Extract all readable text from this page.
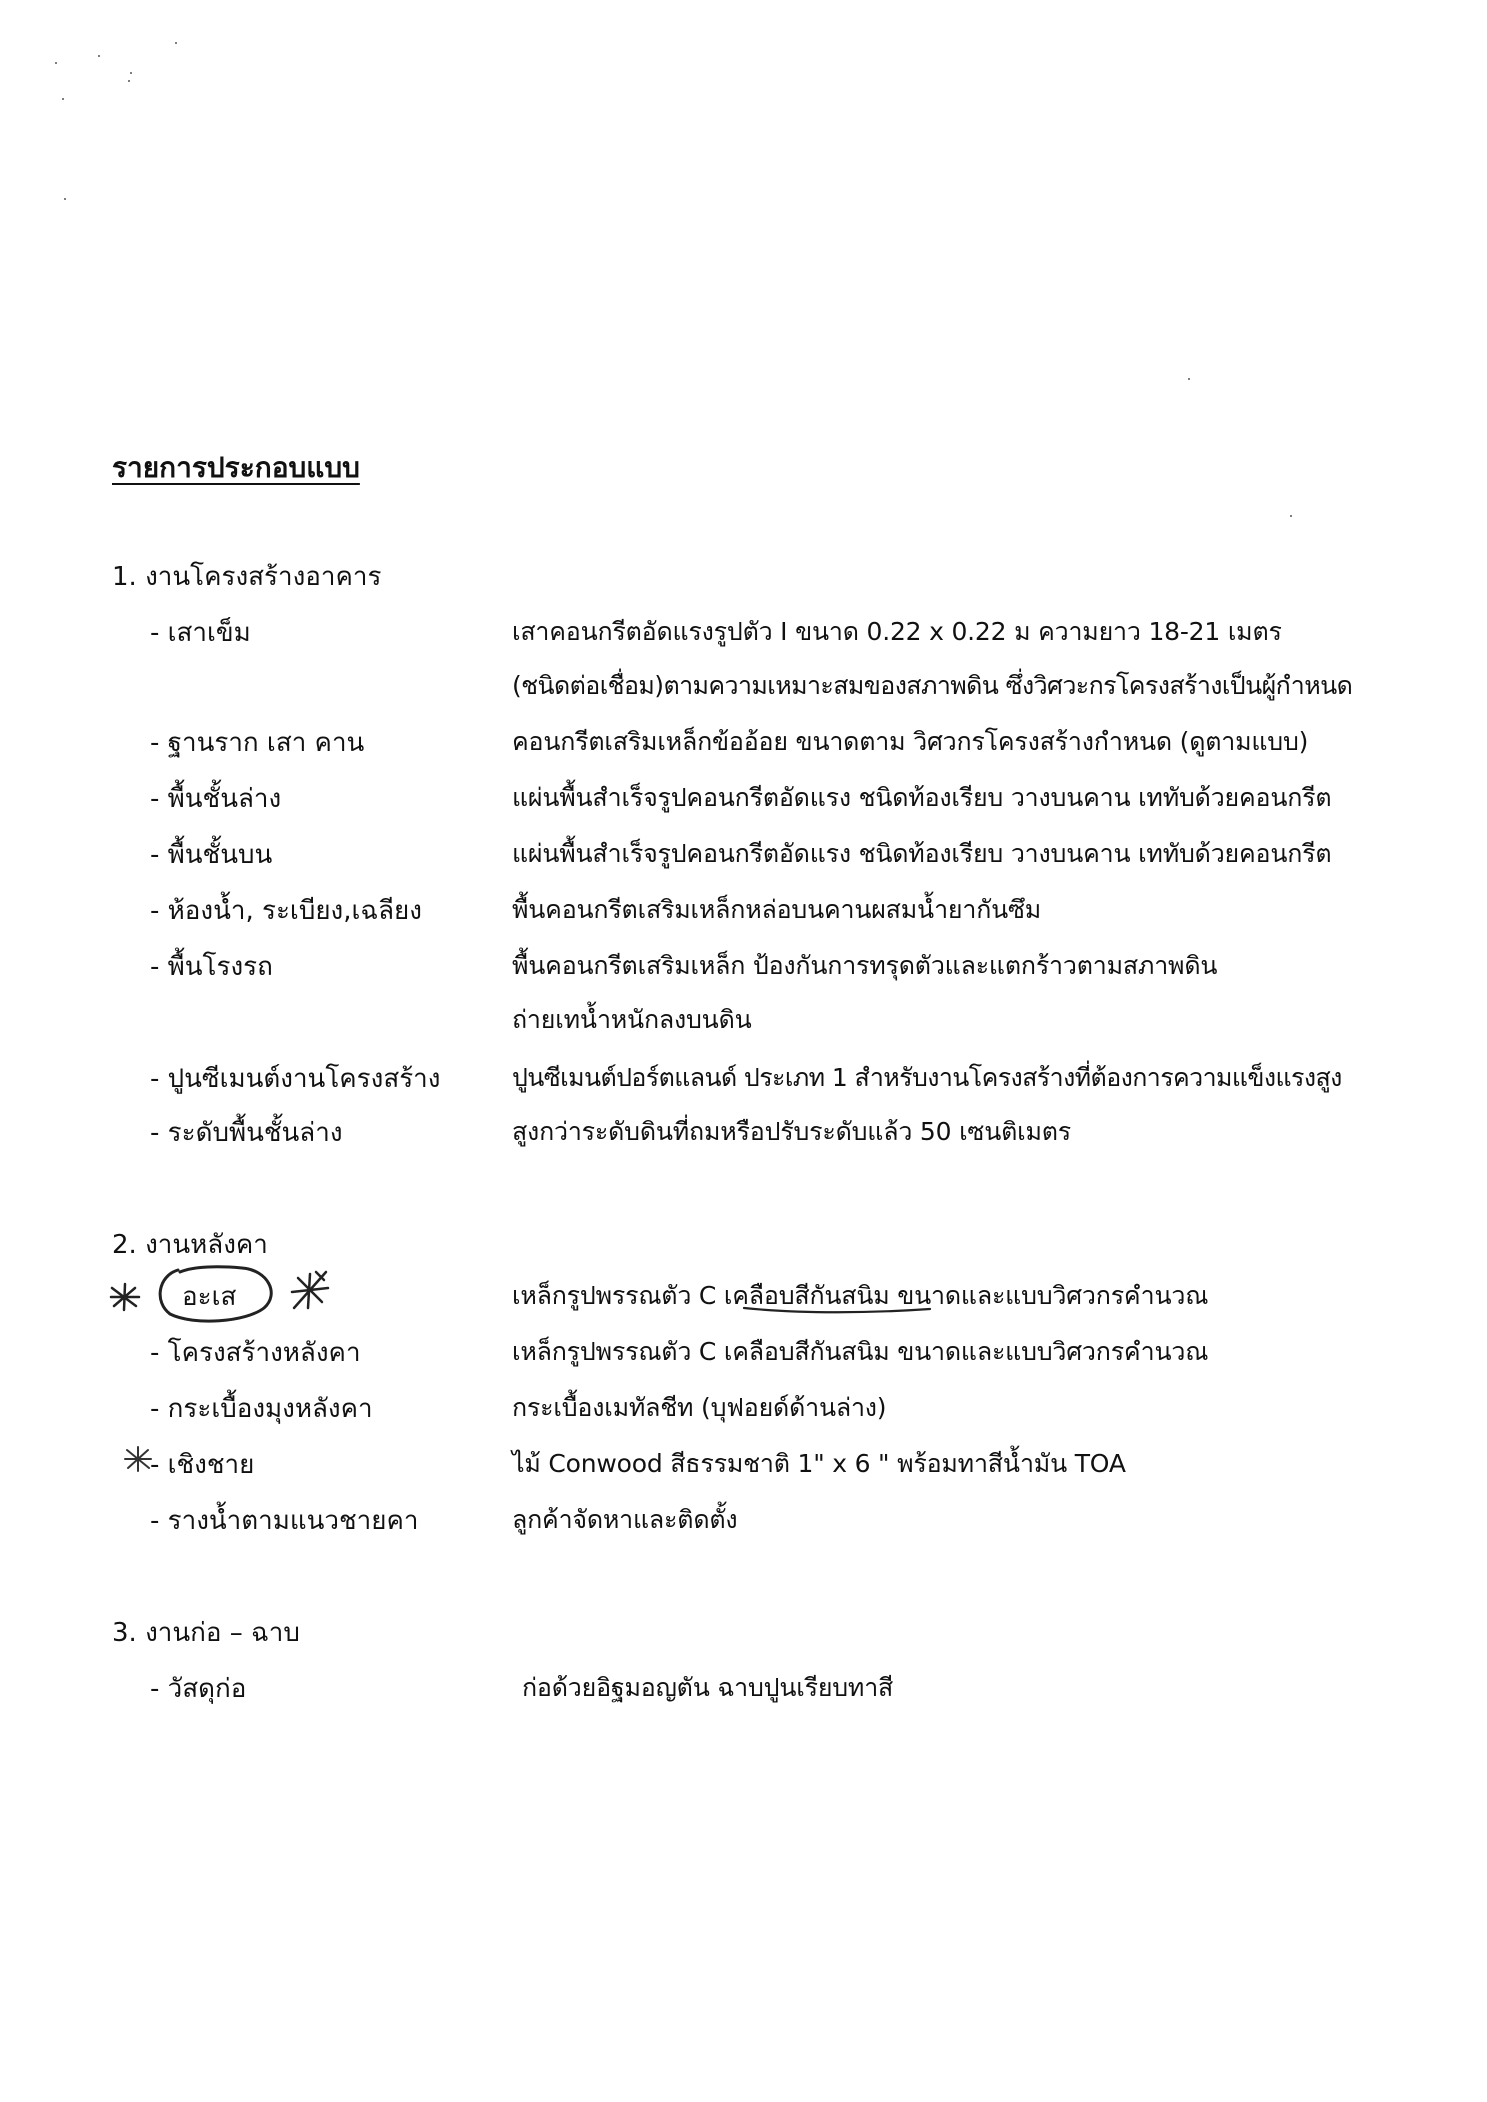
รายการประกอบแบบ
1. งานโครงสร้างอาคาร
- เสาเข็ม	เสาคอนกรีตอัดแรงรูปตัว I ขนาด 0.22 x 0.22 ม ความยาว 18-21 เมตร
(ชนิดต่อเชื่อม)ตามความเหมาะสมของสภาพดิน ซึ่งวิศวะกรโครงสร้างเป็นผู้กำหนด
- ฐานราก เสา คาน	คอนกรีตเสริมเหล็กข้ออ้อย ขนาดตาม วิศวกรโครงสร้างกำหนด (ดูตามแบบ)
- พื้นชั้นล่าง	แผ่นพื้นสำเร็จรูปคอนกรีตอัดแรง ชนิดท้องเรียบ วางบนคาน เททับด้วยคอนกรีต
- พื้นชั้นบน	แผ่นพื้นสำเร็จรูปคอนกรีตอัดแรง ชนิดท้องเรียบ วางบนคาน เททับด้วยคอนกรีต
- ห้องน้ำ, ระเบียง,เฉลียง	พื้นคอนกรีตเสริมเหล็กหล่อบนคานผสมน้ำยากันซึม
- พื้นโรงรถ	พื้นคอนกรีตเสริมเหล็ก ป้องกันการทรุดตัวและแตกร้าวตามสภาพดิน
ถ่ายเทน้ำหนักลงบนดิน
- ปูนซีเมนต์งานโครงสร้าง	ปูนซีเมนต์ปอร์ตแลนด์ ประเภท 1 สำหรับงานโครงสร้างที่ต้องการความแข็งแรงสูง
- ระดับพื้นชั้นล่าง	สูงกว่าระดับดินที่ถมหรือปรับระดับแล้ว 50 เซนติเมตร
2. งานหลังคา
อะเส	เหล็กรูปพรรณตัว C เคลือบสีกันสนิม ขนาดและแบบวิศวกรคำนวณ
- โครงสร้างหลังคา	เหล็กรูปพรรณตัว C เคลือบสีกันสนิม ขนาดและแบบวิศวกรคำนวณ
- กระเบื้องมุงหลังคา	กระเบื้องเมทัลชีท (บุฟอยด์ด้านล่าง)
- เชิงชาย	ไม้ Conwood สีธรรมชาติ 1" x 6 " พร้อมทาสีน้ำมัน TOA
- รางน้ำตามแนวชายคา	ลูกค้าจัดหาและติดตั้ง
3. งานก่อ – ฉาบ
- วัสดุก่อ	ก่อด้วยอิฐมอญตัน ฉาบปูนเรียบทาสี
